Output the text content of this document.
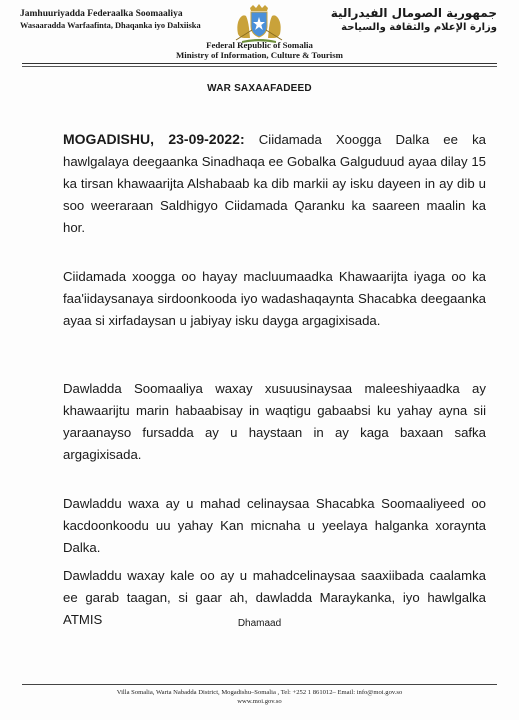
Jamhuuriyadda Federaalka Soomaaliya
Wasaaradda Warfaafinta, Dhaqanka iyo Dalxiiska
جمهورية الصومال الفيدرالية
وزارة الإعلام والثقافة والسياحة
Federal Republic of Somalia
Ministry of Information, Culture & Tourism
WAR SAXAAFADEED
MOGADISHU, 23-09-2022: Ciidamada Xoogga Dalka ee ka hawlgalaya deegaanka Sinadhaqa ee Gobalka Galguduud ayaa dilay 15 ka tirsan khawaarijta Alshabaab ka dib markii ay isku dayeen in ay dib u soo weeraraan Saldhigyo Ciidamada Qaranku ka saareen maalin ka hor.
Ciidamada xoogga oo hayay macluumaadka Khawaarijta iyaga oo ka faa'iidaysanaya sirdoonkooda iyo wadashaqaynta Shacabka deegaanka ayaa si xirfadaysan u jabiyay isku dayga argagixisada.
Dawladda Soomaaliya waxay xusuusinaysaa maleeshiyaadka ay khawaarijtu marin habaabisay in waqtigu gabaabsi ku yahay ayna sii yaraanayso fursadda ay u haystaan in ay kaga baxaan safka argagixisada.
Dawladdu waxa ay u mahad celinaysaa Shacabka Soomaaliyeed oo kacdoonkoodu uu yahay Kan micnaha u yeelaya halganka xoraynta Dalka.
Dawladdu waxay kale oo ay u mahadcelinaysaa saaxiibada caalamka ee garab taagan, si gaar ah, dawladda Maraykanka, iyo hawlgalka ATMIS	Dhamaad
Villa Somalia, Warta Nabadda District, Mogadishu–Somalia , Tel: +252 1 861012– Email: info@moi.gov.so
www.moi.gov.so
